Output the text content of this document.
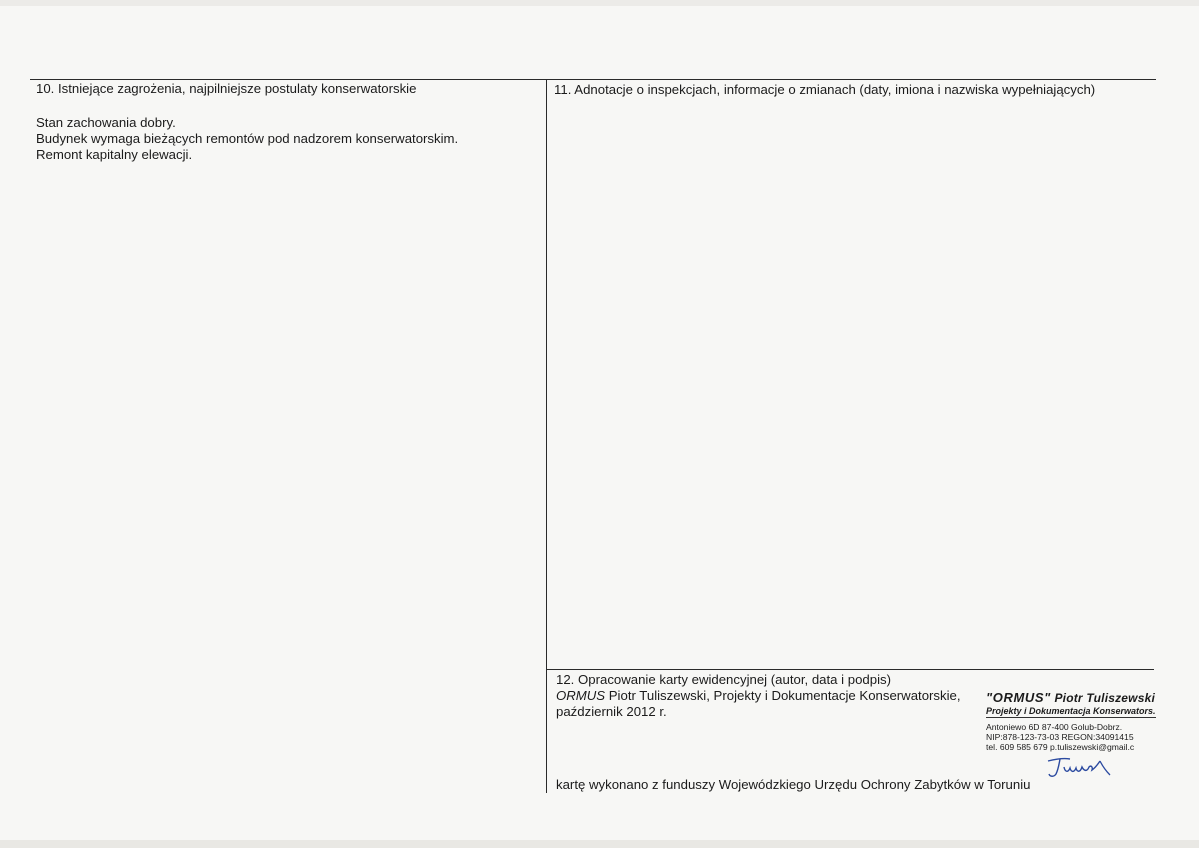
10. Istniejące zagrożenia, najpilniejsze postulaty konserwatorskie
Stan zachowania dobry.
Budynek wymaga bieżących remontów pod nadzorem konserwatorskim.
Remont kapitalny elewacji.
11. Adnotacje o inspekcjach, informacje o zmianach (daty, imiona i nazwiska wypełniających)
12. Opracowanie karty ewidencyjnej (autor, data i podpis)
ORMUS Piotr Tuliszewski, Projekty i Dokumentacje Konserwatorskie,
październik 2012 r.
"ORMUS" Piotr Tuliszewski
Projekty i Dokumentacja Konserwators.
Antoniewo 6D 87-400 Golub-Dobrz.
NIP:878-123-73-03 REGON:34091415
tel. 609 585 679 p.tuliszewski@gmail.c
kartę wykonano z funduszy Wojewódzkiego Urzędu Ochrony Zabytków w Toruniu
